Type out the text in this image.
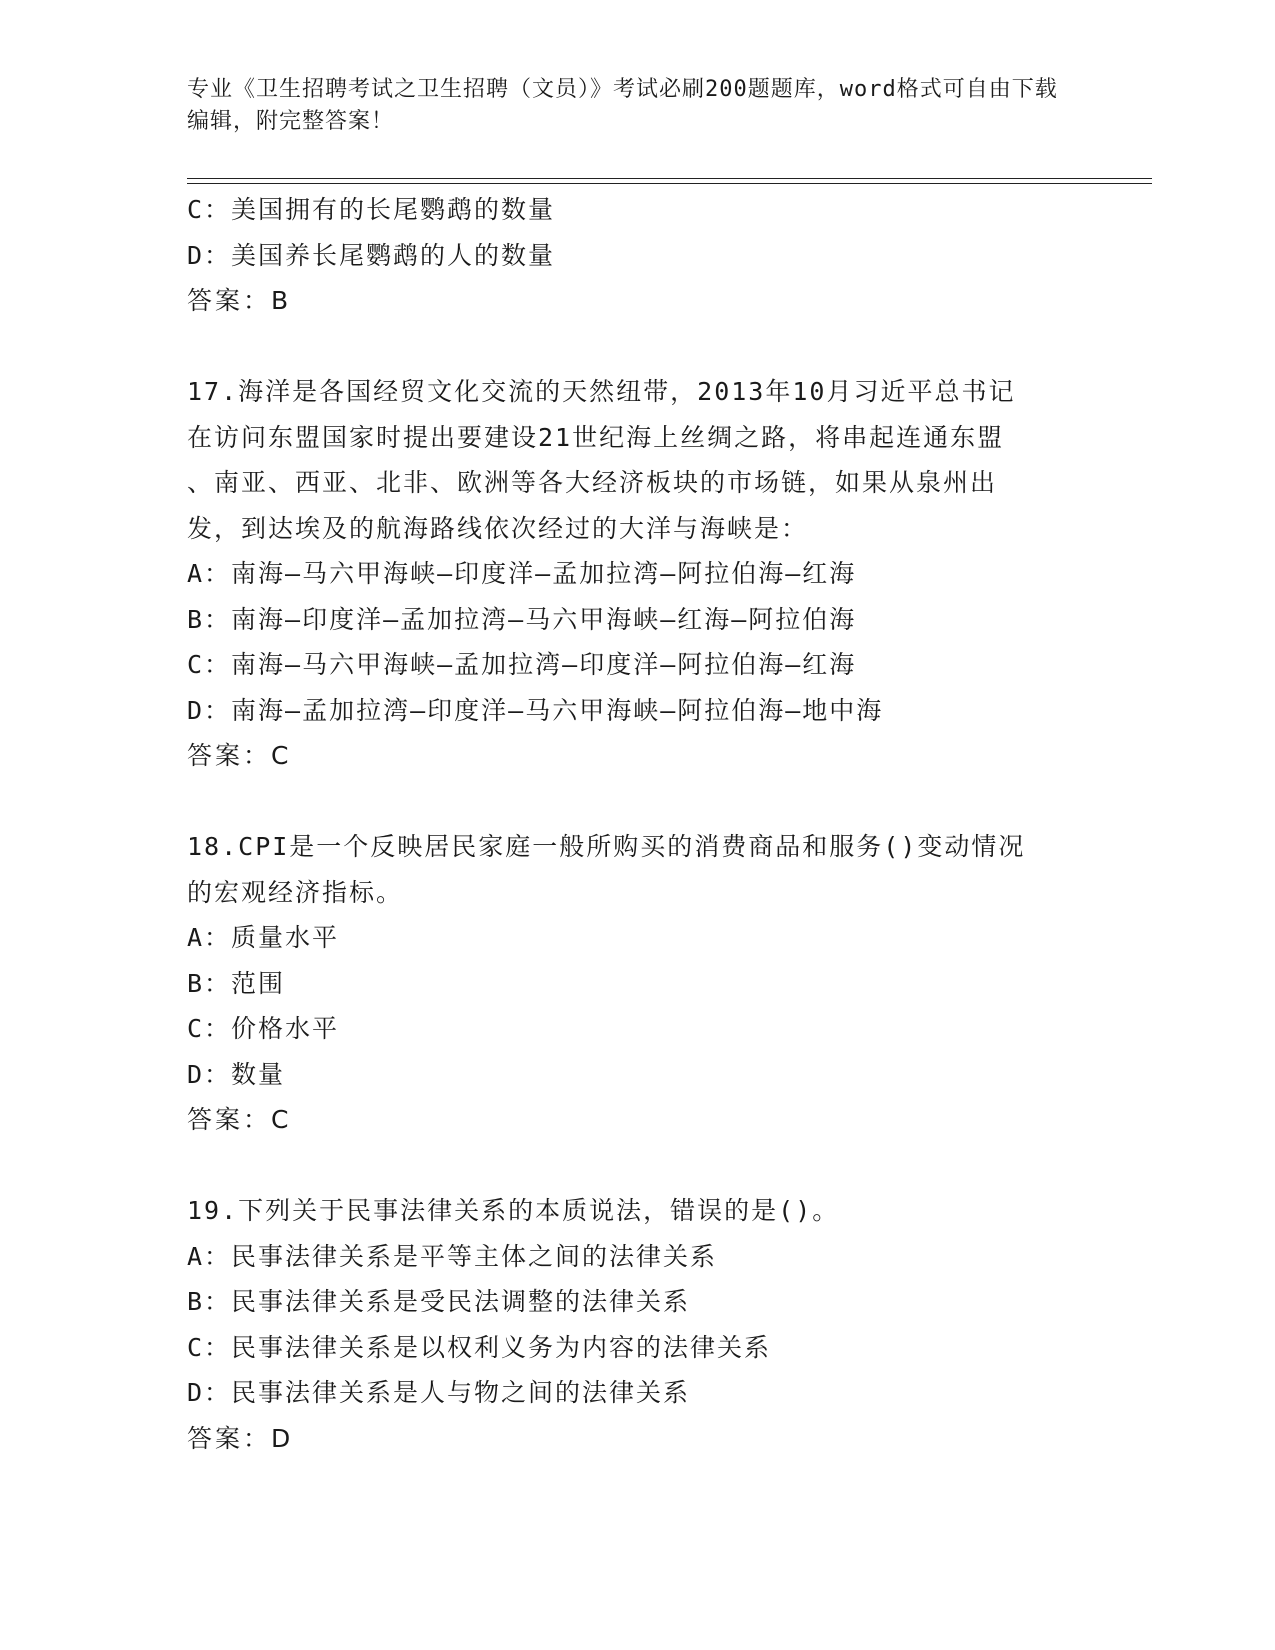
专业《卫生招聘考试之卫生招聘（文员）》考试必刷200题题库，word格式可自由下载编辑，附完整答案！
C：美国拥有的长尾鹦鹉的数量
D：美国养长尾鹦鹉的人的数量
答案：B
17.海洋是各国经贸文化交流的天然纽带，2013年10月习近平总书记
在访问东盟国家时提出要建设21世纪海上丝绸之路，将串起连通东盟
、南亚、西亚、北非、欧洲等各大经济板块的市场链，如果从泉州出
发，到达埃及的航海路线依次经过的大洋与海峡是：
A：南海—马六甲海峡—印度洋—孟加拉湾—阿拉伯海—红海
B：南海—印度洋—孟加拉湾—马六甲海峡—红海—阿拉伯海
C：南海—马六甲海峡—孟加拉湾—印度洋—阿拉伯海—红海
D：南海—孟加拉湾—印度洋—马六甲海峡—阿拉伯海—地中海
答案：C
18.CPI是一个反映居民家庭一般所购买的消费商品和服务()变动情况
的宏观经济指标。
A：质量水平
B：范围
C：价格水平
D：数量
答案：C
19.下列关于民事法律关系的本质说法，错误的是()。
A：民事法律关系是平等主体之间的法律关系
B：民事法律关系是受民法调整的法律关系
C：民事法律关系是以权利义务为内容的法律关系
D：民事法律关系是人与物之间的法律关系
答案：D
